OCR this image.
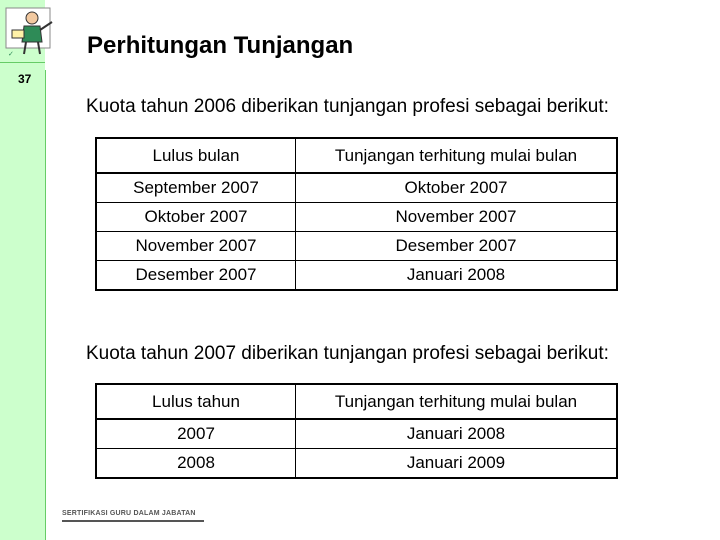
✓
37
Perhitungan Tunjangan
Kuota tahun 2006 diberikan tunjangan profesi sebagai berikut:
Lulus bulan	Tunjangan terhitung mulai bulan
September 2007	Oktober 2007
Oktober 2007	November 2007
November 2007	Desember 2007
Desember 2007	Januari 2008
Kuota tahun 2007 diberikan tunjangan profesi sebagai berikut:
Lulus tahun	Tunjangan terhitung mulai bulan
2007	Januari 2008
2008	Januari 2009
SERTIFIKASI GURU DALAM JABATAN
